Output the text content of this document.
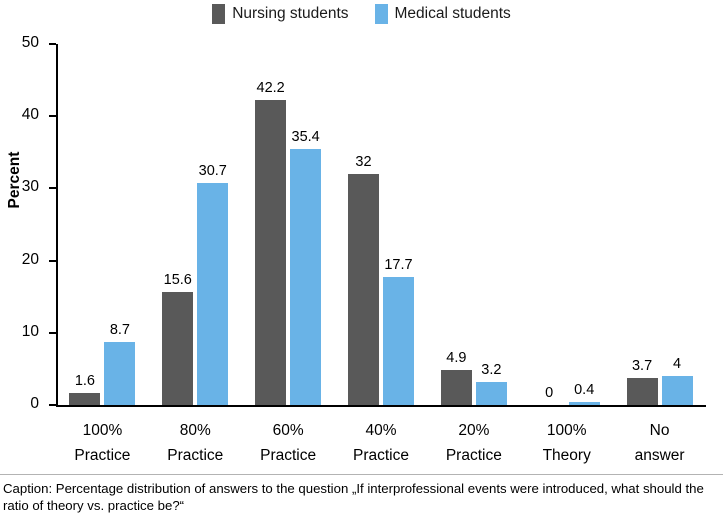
Nursing students	Medical students
Percent
0
10
20
30
40
50
1.6
8.7
15.6
30.7
42.2
35.4
32
17.7
4.9
3.2
0 0.4
3.7 4
100%
Practice
80%
Practice
60%
Practice
40%
Practice
20%
Practice
100%
Theory
No
answer
Caption: Percentage distribution of answers to the question „If interprofessional events were introduced, what should the ratio of theory vs. practice be?“
